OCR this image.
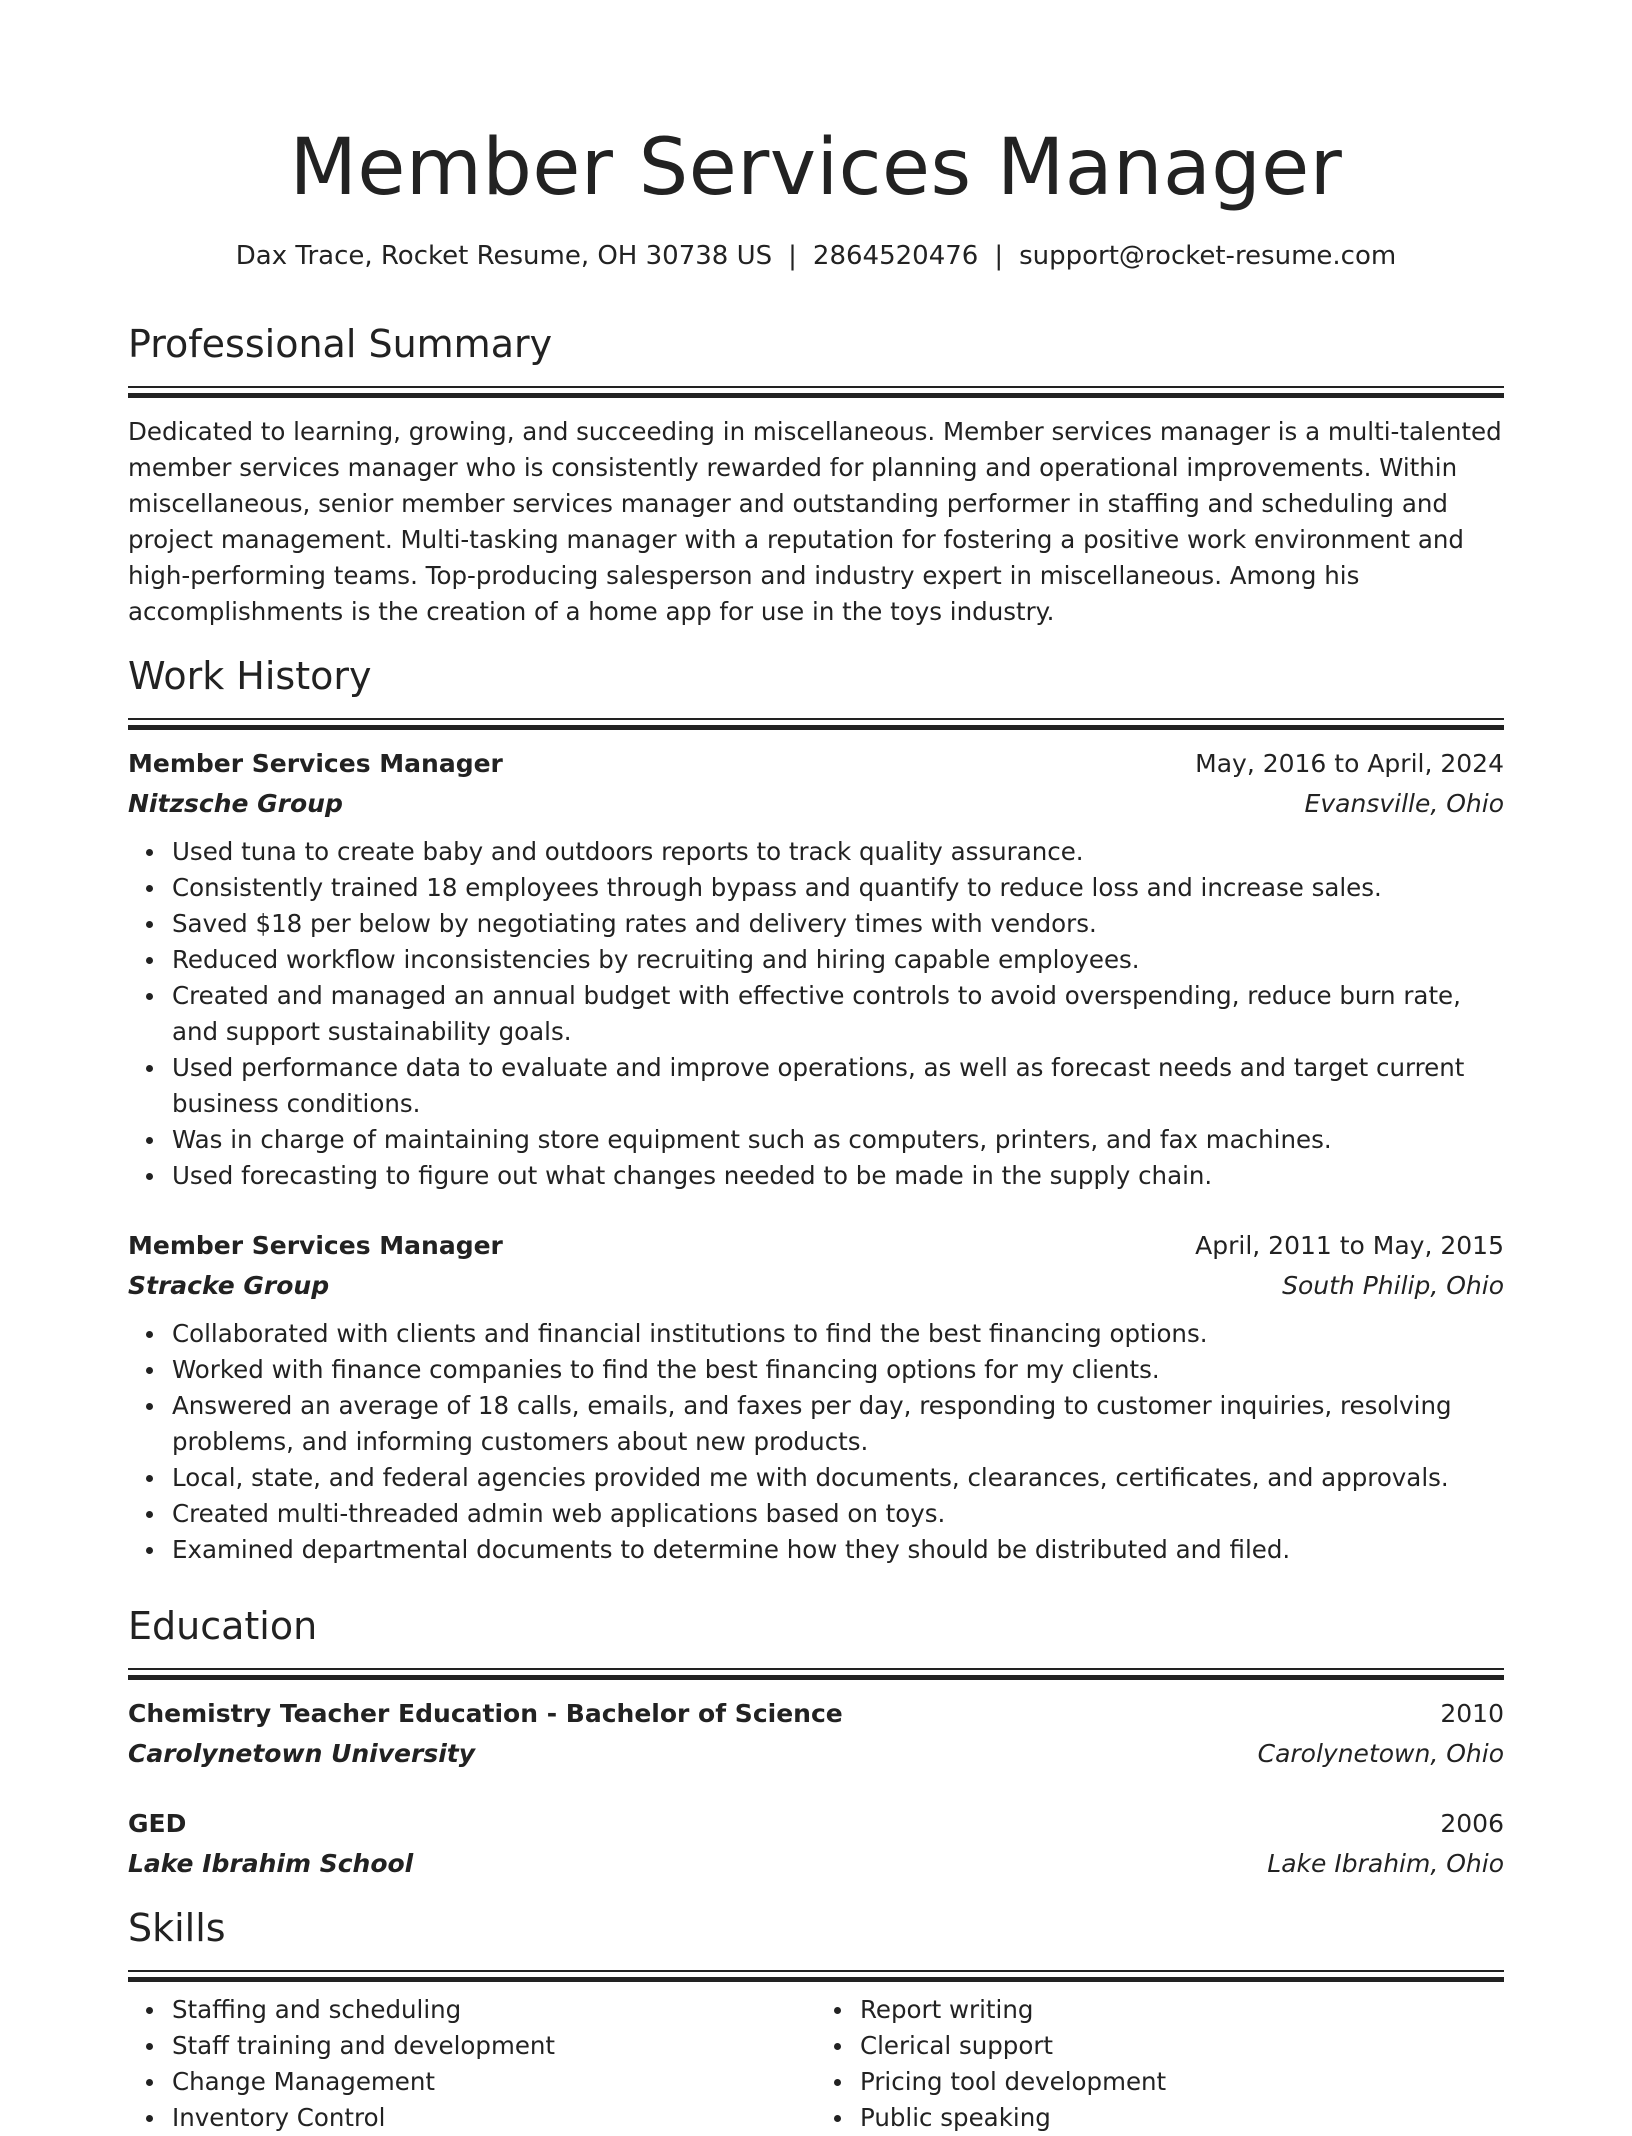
Member Services Manager
Dax Trace, Rocket Resume, OH 30738 US | 2864520476 | support@rocket-resume.com
Professional Summary

Dedicated to learning, growing, and succeeding in miscellaneous. Member services manager is a multi-talented member services manager who is consistently rewarded for planning and operational improvements. Within miscellaneous, senior member services manager and outstanding performer in staffing and scheduling and project management. Multi-tasking manager with a reputation for fostering a positive work environment and high-performing teams. Top-producing salesperson and industry expert in miscellaneous. Among his accomplishments is the creation of a home app for use in the toys industry.

Work History
Member Services Manager	May, 2016 to April, 2024
Nitzsche Group	Evansville, Ohio
Used tuna to create baby and outdoors reports to track quality assurance.
Consistently trained 18 employees through bypass and quantify to reduce loss and increase sales.
Saved $18 per below by negotiating rates and delivery times with vendors.
Reduced workflow inconsistencies by recruiting and hiring capable employees.
Created and managed an annual budget with effective controls to avoid overspending, reduce burn rate, and support sustainability goals.
Used performance data to evaluate and improve operations, as well as forecast needs and target current business conditions.
Was in charge of maintaining store equipment such as computers, printers, and fax machines.
Used forecasting to figure out what changes needed to be made in the supply chain.
Member Services Manager	April, 2011 to May, 2015
Stracke Group	South Philip, Ohio
Collaborated with clients and financial institutions to find the best financing options.
Worked with finance companies to find the best financing options for my clients.
Answered an average of 18 calls, emails, and faxes per day, responding to customer inquiries, resolving problems, and informing customers about new products.
Local, state, and federal agencies provided me with documents, clearances, certificates, and approvals.
Created multi-threaded admin web applications based on toys.
Examined departmental documents to determine how they should be distributed and filed.
Education
Chemistry Teacher Education - Bachelor of Science	2010
Carolynetown University	Carolynetown, Ohio
GED	2006
Lake Ibrahim School	Lake Ibrahim, Ohio
Skills
Staffing and scheduling
Staff training and development
Change Management
Inventory Control
Report writing
Clerical support
Pricing tool development
Public speaking
